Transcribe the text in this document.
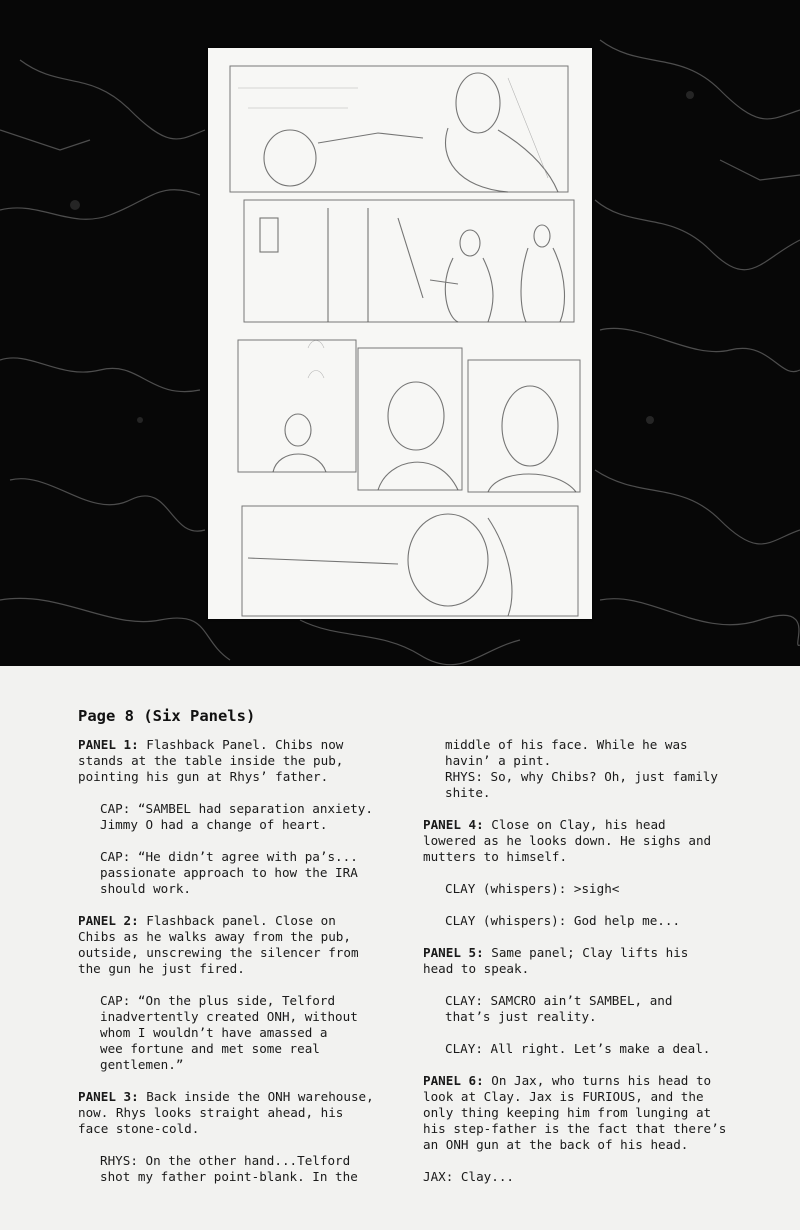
Page 8 (Six Panels)

PANEL 1: Flashback Panel. Chibs now

stands at the table inside the pub,

pointing his gun at Rhys’ father.

CAP: “SAMBEL had separation anxiety.

Jimmy O had a change of heart.

CAP: “He didn’t agree with pa’s...

passionate approach to how the IRA

should work.

PANEL 2: Flashback panel. Close on

Chibs as he walks away from the pub,

outside, unscrewing the silencer from

the gun he just fired.

CAP: “On the plus side, Telford

inadvertently created ONH, without

whom I wouldn’t have amassed a

wee fortune and met some real

gentlemen.”

PANEL 3: Back inside the ONH warehouse,

now. Rhys looks straight ahead, his

face stone-cold.

RHYS: On the other hand...Telford

shot my father point-blank. In the

middle of his face. While he was

havin’ a pint.

RHYS: So, why Chibs? Oh, just family

shite.

PANEL 4: Close on Clay, his head

lowered as he looks down. He sighs and

mutters to himself.

CLAY (whispers): >sigh<

CLAY (whispers): God help me...

PANEL 5: Same panel; Clay lifts his

head to speak.

CLAY: SAMCRO ain’t SAMBEL, and

that’s just reality.

CLAY: All right. Let’s make a deal.

PANEL 6: On Jax, who turns his head to

look at Clay. Jax is FURIOUS, and the

only thing keeping him from lunging at

his step-father is the fact that there’s

an ONH gun at the back of his head.

JAX: Clay...
